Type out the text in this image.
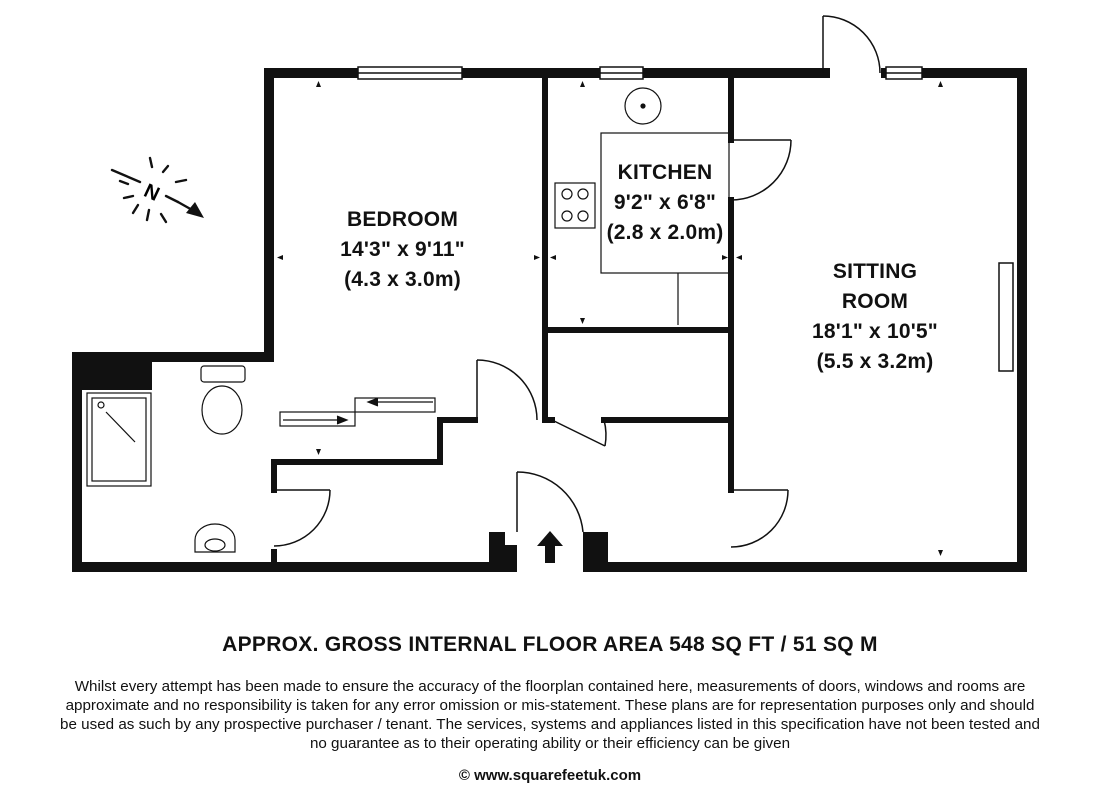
N
BEDROOM
14'3" x 9'11"
(4.3 x 3.0m)
KITCHEN
9'2" x 6'8"
(2.8 x 2.0m)
SITTING
ROOM
18'1" x 10'5"
(5.5 x 3.2m)
APPROX. GROSS INTERNAL FLOOR AREA 548 SQ FT / 51 SQ M
Whilst every attempt has been made to ensure the accuracy of the floorplan contained here, measurements of doors, windows and rooms are approximate and no responsibility is taken for any error omission or mis-statement. These plans are for representation purposes only and should be used as such by any prospective purchaser / tenant. The services, systems and appliances listed in this specification have not been tested and no guarantee as to their operating ability or their efficiency can be given
© www.squarefeetuk.com
